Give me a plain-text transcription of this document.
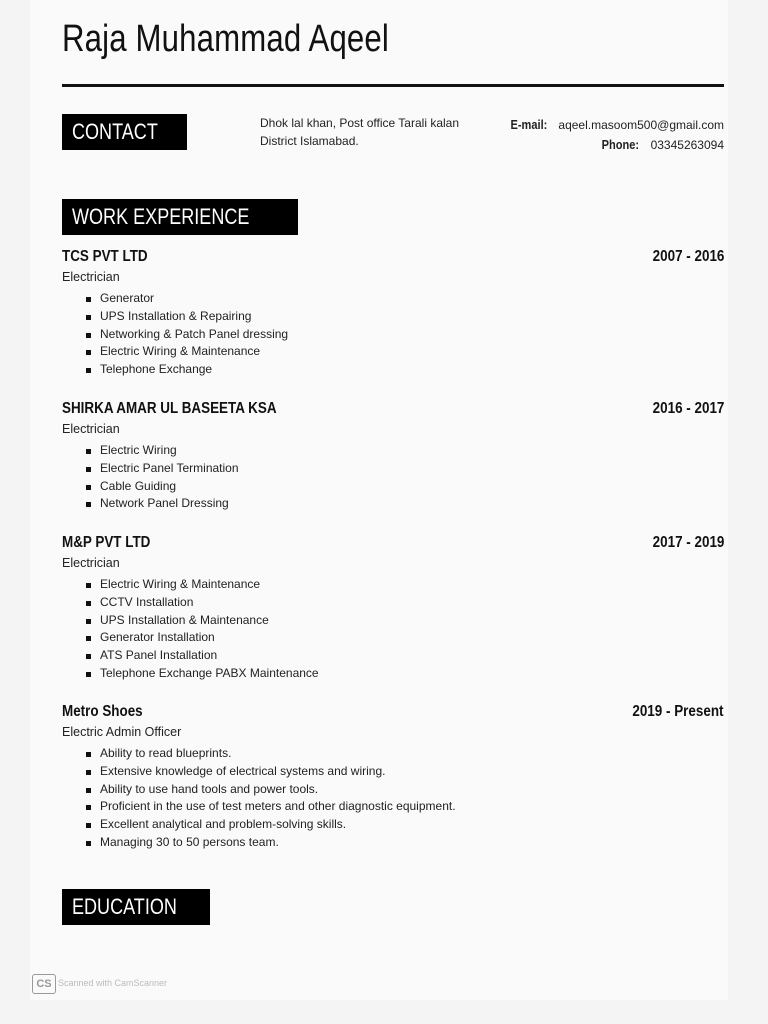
Raja Muhammad Aqeel
CONTACT	Dhok lal khan, Post office Tarali kalan District Islamabad.
E-mail: aqeel.masoom500@gmail.com
Phone: 03345263094
WORK EXPERIENCE
TCS PVT LTD	2007 - 2016
Electrician
Generator
UPS Installation & Repairing
Networking & Patch Panel dressing
Electric Wiring & Maintenance
Telephone Exchange
SHIRKA AMAR UL BASEETA KSA	2016 - 2017
Electrician
Electric Wiring
Electric Panel Termination
Cable Guiding
Network Panel Dressing
M&P PVT LTD	2017 - 2019
Electrician
Electric Wiring & Maintenance
CCTV Installation
UPS Installation & Maintenance
Generator Installation
ATS Panel Installation
Telephone Exchange PABX Maintenance
Metro Shoes	2019 - Present
Electric Admin Officer
Ability to read blueprints.
Extensive knowledge of electrical systems and wiring.
Ability to use hand tools and power tools.
Proficient in the use of test meters and other diagnostic equipment.
Excellent analytical and problem-solving skills.
Managing 30 to 50 persons team.
EDUCATION
CS Scanned with CamScanner
